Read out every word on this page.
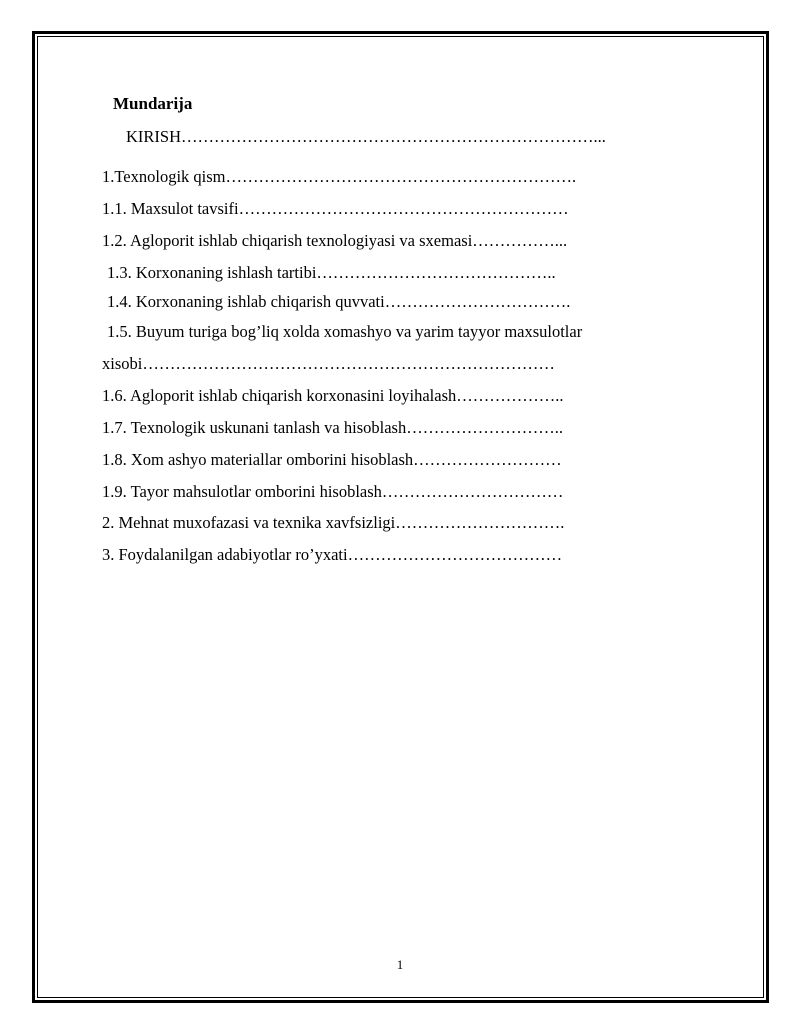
Mundarija
KIRISH…………………………………………………………………...
1.Texnologik qism……………………………………………………….
1.1. Maxsulot tavsifi……………………………………………………
1.2. Agloporit ishlab chiqarish texnologiyasi va sxemasi……………...
1.3. Korxonaning ishlash tartibi……………………………………..
1.4. Korxonaning ishlab chiqarish quvvati…………………………….
1.5. Buyum turiga bog’liq xolda xomashyo va yarim tayyor maxsulotlar
xisobi…………………………………………………………………
1.6. Agloporit ishlab chiqarish korxonasini loyihalash………………..
1.7. Texnologik uskunani tanlash va hisoblash………………………..
1.8. Xom ashyo materiallar omborini hisoblash………………………
1.9. Tayor mahsulotlar omborini hisoblash……………………………
2. Mehnat muxofazasi va texnika xavfsizligi………………………….
3. Foydalanilgan adabiyotlar ro’yxati…………………………………
1
